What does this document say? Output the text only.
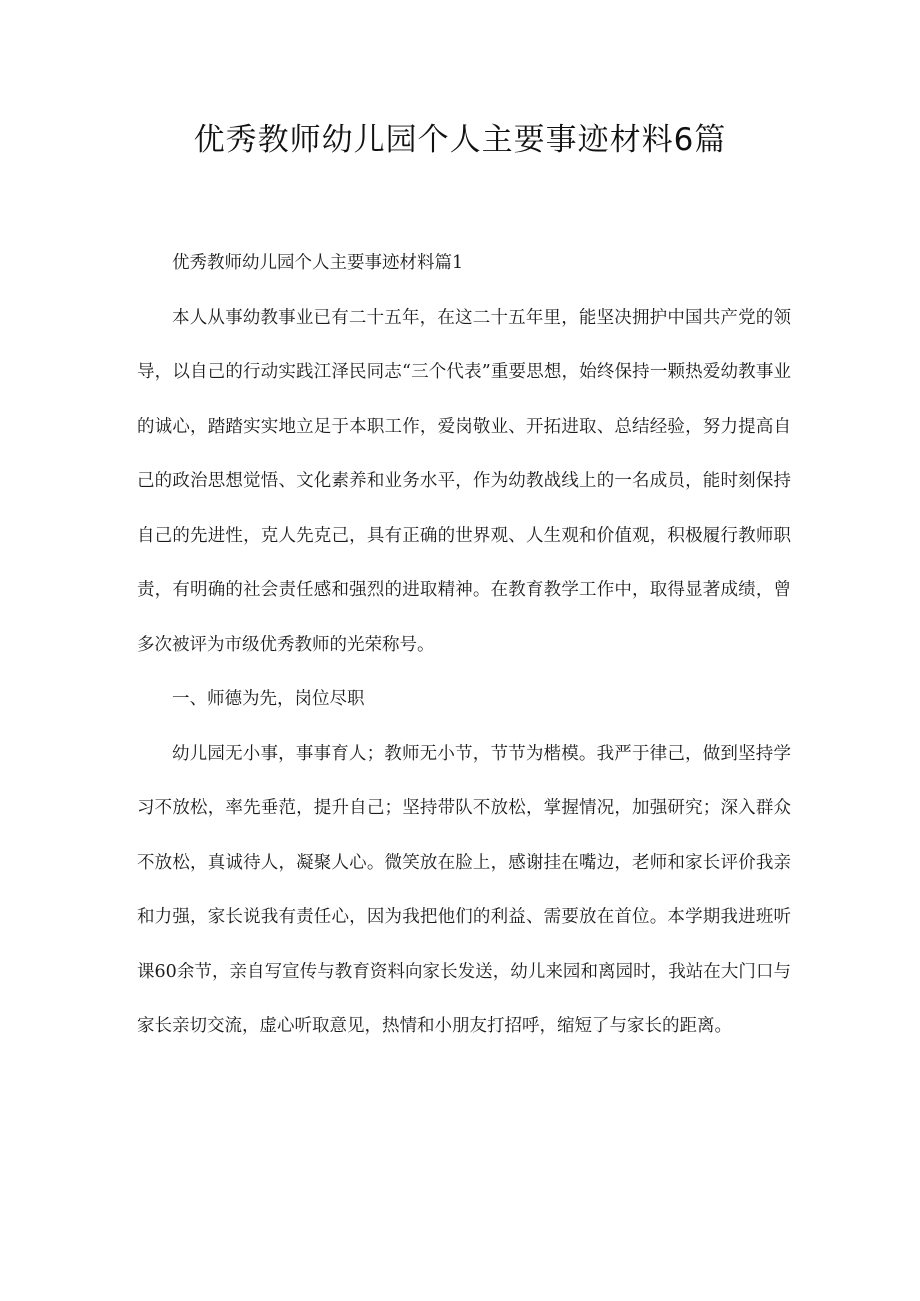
优秀教师幼儿园个人主要事迹材料6篇

优秀教师幼儿园个人主要事迹材料篇1

本人从事幼教事业已有二十五年，在这二十五年里，能坚决拥护中国共产党的领导，以自己的行动实践江泽民同志“三个代表”重要思想，始终保持一颗热爱幼教事业的诚心，踏踏实实地立足于本职工作，爱岗敬业、开拓进取、总结经验，努力提高自己的政治思想觉悟、文化素养和业务水平，作为幼教战线上的一名成员，能时刻保持自己的先进性，克人先克己，具有正确的世界观、人生观和价值观，积极履行教师职责，有明确的社会责任感和强烈的进取精神。在教育教学工作中，取得显著成绩，曾多次被评为市级优秀教师的光荣称号。

一、师德为先，岗位尽职

幼儿园无小事，事事育人；教师无小节，节节为楷模。我严于律己，做到坚持学习不放松，率先垂范，提升自己；坚持带队不放松，掌握情况，加强研究；深入群众不放松，真诚待人，凝聚人心。微笑放在脸上，感谢挂在嘴边，老师和家长评价我亲和力强，家长说我有责任心，因为我把他们的利益、需要放在首位。本学期我进班听课60余节，亲自写宣传与教育资料向家长发送，幼儿来园和离园时，我站在大门口与家长亲切交流，虚心听取意见，热情和小朋友打招呼，缩短了与家长的距离。
